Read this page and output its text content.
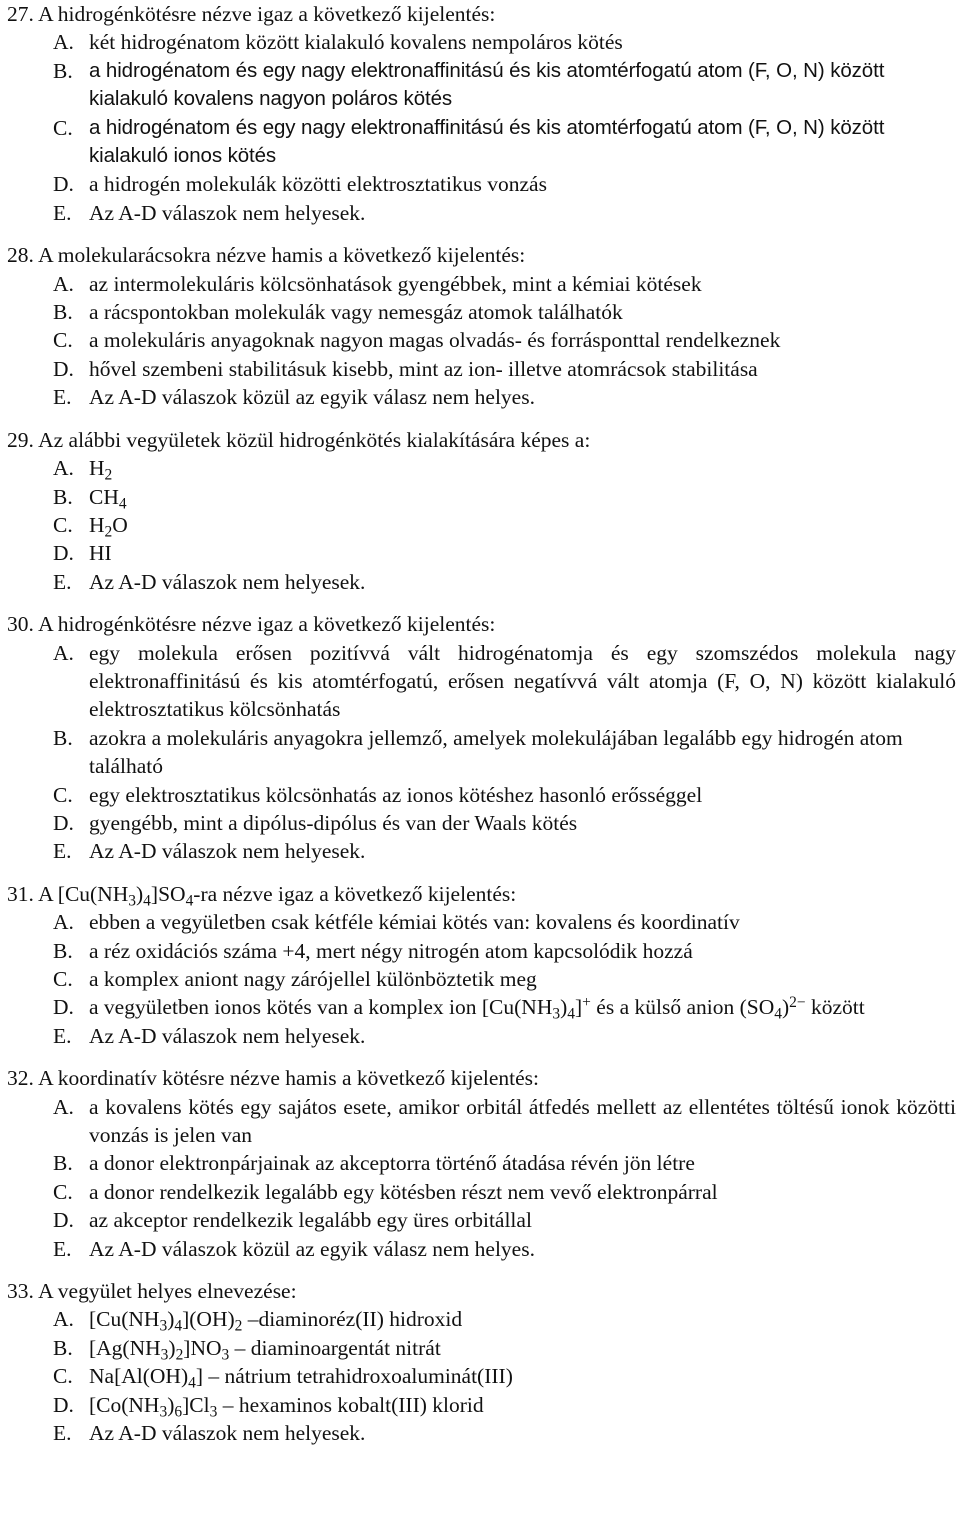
27. A hidrogénkötésre nézve igaz a következő kijelentés:
A. két hidrogénatom között kialakuló kovalens nempoláros kötés
B. a hidrogénatom és egy nagy elektronaffinitású és kis atomtérfogatú atom (F, O, N) között kialakuló kovalens nagyon poláros kötés
C. a hidrogénatom és egy nagy elektronaffinitású és kis atomtérfogatú atom (F, O, N) között kialakuló ionos kötés
D. a hidrogén molekulák közötti elektrosztatikus vonzás
E. Az A-D válaszok nem helyesek.
28. A molekularácsokra nézve hamis a következő kijelentés:
A. az intermolekuláris kölcsönhatások gyengébbek, mint a kémiai kötések
B. a rácspontokban molekulák vagy nemesgáz atomok találhatók
C. a molekuláris anyagoknak nagyon magas olvadás- és forrásponttal rendelkeznek
D. hővel szembeni stabilitásuk kisebb, mint az ion- illetve atomrácsok stabilitása
E. Az A-D válaszok közül az egyik válasz nem helyes.
29. Az alábbi vegyületek közül hidrogénkötés kialakítására képes a:
A. $H_2$
B. $CH_4$
C. $H_2O$
D. HI
E. Az A-D válaszok nem helyesek.
30. A hidrogénkötésre nézve igaz a következő kijelentés:
A. egy molekula erősen pozitívvá vált hidrogénatomja és egy szomszédos molekula nagy elektronaffinitású és kis atomtérfogatú, erősen negatívvá vált atomja (F, O, N) között kialakuló elektrosztatikus kölcsönhatás
B. azokra a molekuláris anyagokra jellemző, amelyek molekulájában legalább egy hidrogén atom található
C. egy elektrosztatikus kölcsönhatás az ionos kötéshez hasonló erősséggel
D. gyengébb, mint a dipólus-dipólus és van der Waals kötés
E. Az A-D válaszok nem helyesek.
31. A $[Cu(NH_3)_4]SO_4-ra$ nézve igaz a következő kijelentés:
A. ebben a vegyületben csak kétféle kémiai kötés van: kovalens és koordinatív
B. a réz oxidációs száma +4, mert négy nitrogén atom kapcsolódik hozzá
C. a komplex aniont nagy zárójellel különböztetik meg
D. a vegyületben ionos kötés van a komplex ion $[Cu(NH_3)_4]^+$ és a külső anion $(SO_4)^{2-}$ között
E. Az A-D válaszok nem helyesek.
32. A koordinatív kötésre nézve hamis a következő kijelentés:
A. a kovalens kötés egy sajátos esete, amikor orbitál átfedés mellett az ellentétes töltésű ionok közötti vonzás is jelen van
B. a donor elektronpárjainak az akceptorra történő átadása révén jön létre
C. a donor rendelkezik legalább egy kötésben részt nem vevő elektronpárral
D. az akceptor rendelkezik legalább egy üres orbitállal
E. Az A-D válaszok közül az egyik válasz nem helyes.
33. A vegyület helyes elnevezése:
A. $[Cu(NH_3)_4](OH)_2$ –diaminoréz(II) hidroxid
B. $[Ag(NH_3)_2]NO_3$ – diaminoargentát nitrát
C. $Na[Al(OH)_4]$ – nátrium tetrahidroxoaluminát(III)
D. $[Co(NH_3)_6]Cl_3$ – hexaminos kobalt(III) klorid
E. Az A-D válaszok nem helyesek.
